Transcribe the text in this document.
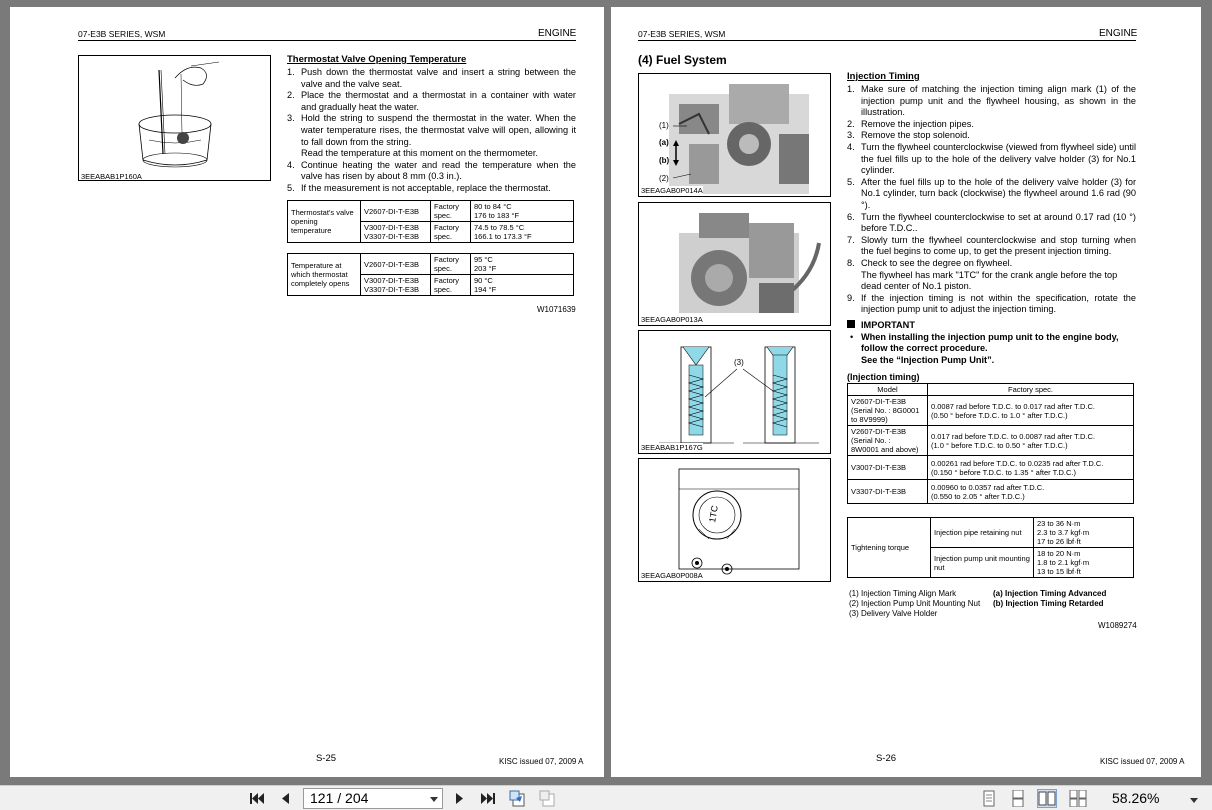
07-E3B SERIES, WSM	ENGINE
3EEABAB1P160A
Thermostat Valve Opening Temperature
1. Push down the thermostat valve and insert a string between the valve and the valve seat.
2. Place the thermostat and a thermostat in a container with water and gradually heat the water.
3. Hold the string to suspend the thermostat in the water. When the water temperature rises, the thermostat valve will open, allowing it to fall down from the string.
Read the temperature at this moment on the thermometer.
4. Continue heating the water and read the temperature when the valve has risen by about 8 mm (0.3 in.).
5. If the measurement is not acceptable, replace the thermostat.
Thermostat's valve opening temperature	V2607-DI-T-E3B	Factory spec.	80 to 84 °C
176 to 183 °F
	V3007-DI-T-E3B
V3307-DI-T-E3B	Factory spec.	74.5 to 78.5 °C
166.1 to 173.3 °F
Temperature at which thermostat completely opens	V2607-DI-T-E3B	Factory spec.	95 °C
203 °F
	V3007-DI-T-E3B
V3307-DI-T-E3B	Factory spec.	90 °C
194 °F
W1071639
S-25	KISC issued 07, 2009 A
07-E3B SERIES, WSM	ENGINE
(4) Fuel System
(1)
(a)
(b)
(2)
3EEAGAB0P014A
3EEAGAB0P013A
(3)
3EEABAB1P167G
1TC
3EEAGAB0P008A
Injection Timing
1. Make sure of matching the injection timing align mark (1) of the injection pump unit and the flywheel housing, as shown in the illustration.
2. Remove the injection pipes.
3. Remove the stop solenoid.
4. Turn the flywheel counterclockwise (viewed from flywheel side) until the fuel fills up to the hole of the delivery valve holder (3) for No.1 cylinder.
5. After the fuel fills up to the hole of the delivery valve holder (3) for No.1 cylinder, turn back (clockwise) the flywheel around 1.6 rad (90 °).
6. Turn the flywheel counterclockwise to set at around 0.17 rad (10 °) before T.D.C..
7. Slowly turn the flywheel counterclockwise and stop turning when the fuel begins to come up, to get the present injection timing.
8. Check to see the degree on flywheel.
The flywheel has mark "1TC" for the crank angle before the top dead center of No.1 piston.
9. If the injection timing is not within the specification, rotate the injection pump unit to adjust the injection timing.
IMPORTANT
• When installing the injection pump unit to the engine body, follow the correct procedure.
See the “Injection Pump Unit”.
(Injection timing)
Model	Factory spec.
V2607-DI-T-E3B
(Serial No. : 8G0001
to 8V9999)	0.0087 rad before T.D.C. to 0.017 rad after T.D.C.
(0.50 ° before T.D.C. to 1.0 ° after T.D.C.)
V2607-DI-T-E3B
(Serial No. :
8W0001 and above)	0.017 rad before T.D.C. to 0.0087 rad after T.D.C.
(1.0 ° before T.D.C. to 0.50 ° after T.D.C.)
V3007-DI-T-E3B	0.00261 rad before T.D.C. to 0.0235 rad after T.D.C.
(0.150 ° before T.D.C. to 1.35 ° after T.D.C.)
V3307-DI-T-E3B	0.00960 to 0.0357 rad after T.D.C.
(0.550 to 2.05 ° after T.D.C.)
Tightening torque	Injection pipe retaining nut	23 to 36 N·m
2.3 to 3.7 kgf·m
17 to 26 lbf·ft
	Injection pump unit mounting nut	18 to 20 N·m
1.8 to 2.1 kgf·m
13 to 15 lbf·ft
(1) Injection Timing Align Mark
(2) Injection Pump Unit Mounting Nut
(3) Delivery Valve Holder
(a) Injection Timing Advanced
(b) Injection Timing Retarded
W1089274
S-26	KISC issued 07, 2009 A
121 / 204	58.26%
